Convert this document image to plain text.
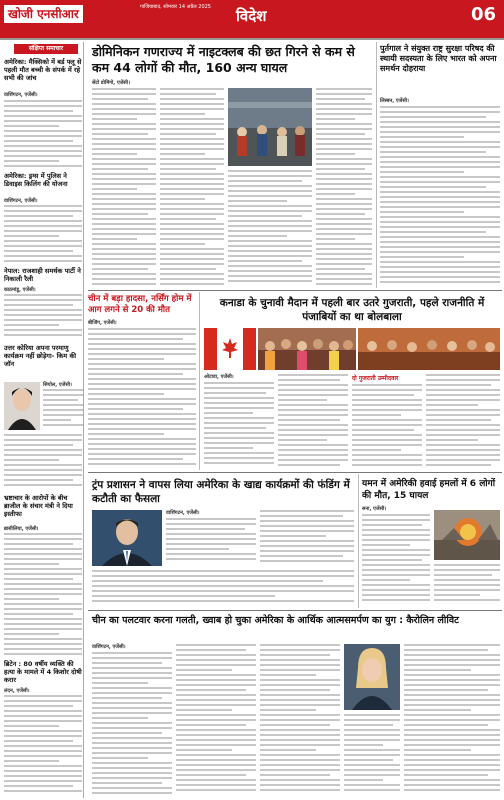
खोजी एनसीआर	गाजियाबाद, सोमवार 14 अप्रैल 2025	विदेश	06
संक्षिप्त समाचार
अमेरिका: मैक्सिको में बर्ड फ्लू से पहली मौत बच्ची के संपर्क में रहे सभी की जांच
वाशिंगटन, एजेंसी।
अमेरिका: ड्रग्स में पुलिस ने डिवाइस किलिंग की योजना
वाशिंगटन, एजेंसी।
नेपाल: राजशाही समर्थक पार्टी ने निकाली रैली
काठमांडू, एजेंसी।
उत्तर कोरिया अपना परमाणु कार्यक्रम नहीं छोड़ेगा- किम की जॉन
सियोल, एजेंसी।
भ्रष्टाचार के आरोपों के बीच ब्राजील के संचार मंत्री ने दिया इस्तीफा
ब्रासीलिया, एजेंसी।
ब्रिटेन : 80 वर्षीय व्यक्ति की हत्या के मामले में 4 किशोर दोषी करार
लंदन, एजेंसी।
डोमिनिकन गणराज्य में नाइटक्लब की छत गिरने से कम से कम 44 लोगों की मौत, 160 अन्य घायल
सेंटो डोमिंगो, एजेंसी।
पुर्तगाल ने संयुक्त राष्ट्र सुरक्षा परिषद की स्थायी सदस्यता के लिए भारत को अपना समर्थन दोहराया
लिस्बन, एजेंसी।
चीन में बड़ा हादसा, नर्सिंग होम में आग लगने से 20 की मौत
बीजिंग, एजेंसी।
कनाडा के चुनावी मैदान में पहली बार उतरे गुजराती, पहले राजनीति में पंजाबियों का था बोलबाला
ओटावा, एजेंसी।	दो गुजराती उम्मीदवार
ट्रंप प्रशासन ने वापस लिया अमेरिका के खाद्य कार्यक्रमों की फंडिंग में कटौती का फैसला
वाशिंगटन, एजेंसी।
यमन में अमेरिकी हवाई हमलों में 6 लोगों की मौत, 15 घायल
सना, एजेंसी।
चीन का पलटवार करना गलती, ख्वाब हो चुका अमेरिका के आर्थिक आत्मसमर्पण का युग : कैरोलिन लीविट
वाशिंगटन, एजेंसी।
